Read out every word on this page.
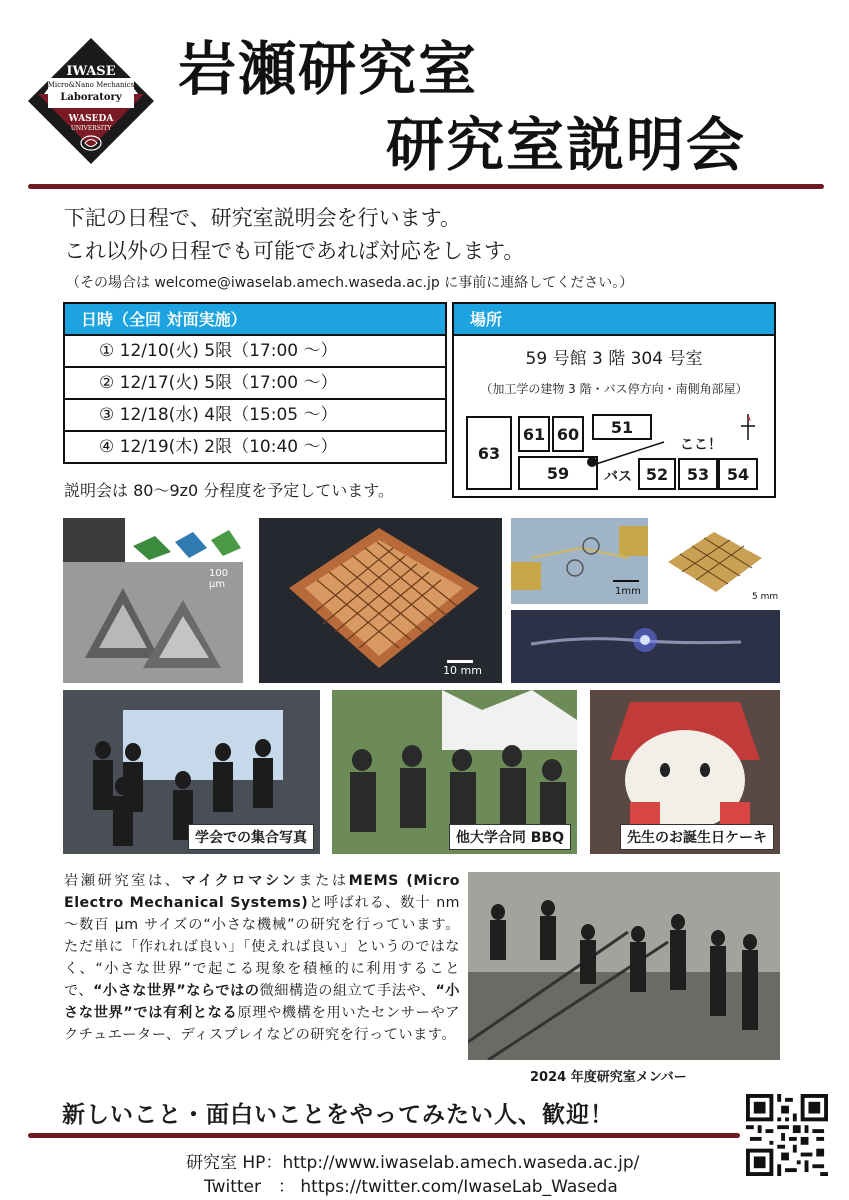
IWASE
Micro&Nano Mechanics
Laboratory
WASEDA
UNIVERSITY
岩瀬研究室
研究室説明会
下記の日程で、研究室説明会を行います。
これ以外の日程でも可能であれば対応をします。
（その場合は welcome@iwaselab.amech.waseda.ac.jp に事前に連絡してください。）
日時（全回 対面実施）
① 12/10(火) 5限（17:00 ～）
② 12/17(火) 5限（17:00 ～）
③ 12/18(水) 4限（15:05 ～）
④ 12/19(木) 2限（10:40 ～）
説明会は 80～9z0 分程度を予定しています。
場所
59 号館 3 階 304 号室
（加工学の建物 3 階・バス停方向・南側角部屋）
63
61 60	51
59	52	53	54
ここ！
バス
100 μm
10 mm
1mm	5 mm
学会での集合写真	他大学合同 BBQ	先生のお誕生日ケーキ
岩瀬研究室は、マイクロマシンまたはMEMS (Micro Electro Mechanical Systems)と呼ばれる、数十 nm ～数百 μm サイズの“小さな機械”の研究を行っています。ただ単に「作れれば良い」「使えれば良い」というのではなく、“小さな世界”で起こる現象を積極的に利用することで、“小さな世界”ならではの微細構造の組立て手法や、“小さな世界”では有利となる原理や機構を用いたセンサーやアクチュエーター、ディスプレイなどの研究を行っています。
2024 年度研究室メンバー
新しいこと・面白いことをやってみたい人、歓迎！
研究室 HP：http://www.iwaselab.amech.waseda.ac.jp/
Twitter　： https://twitter.com/IwaseLab_Waseda
